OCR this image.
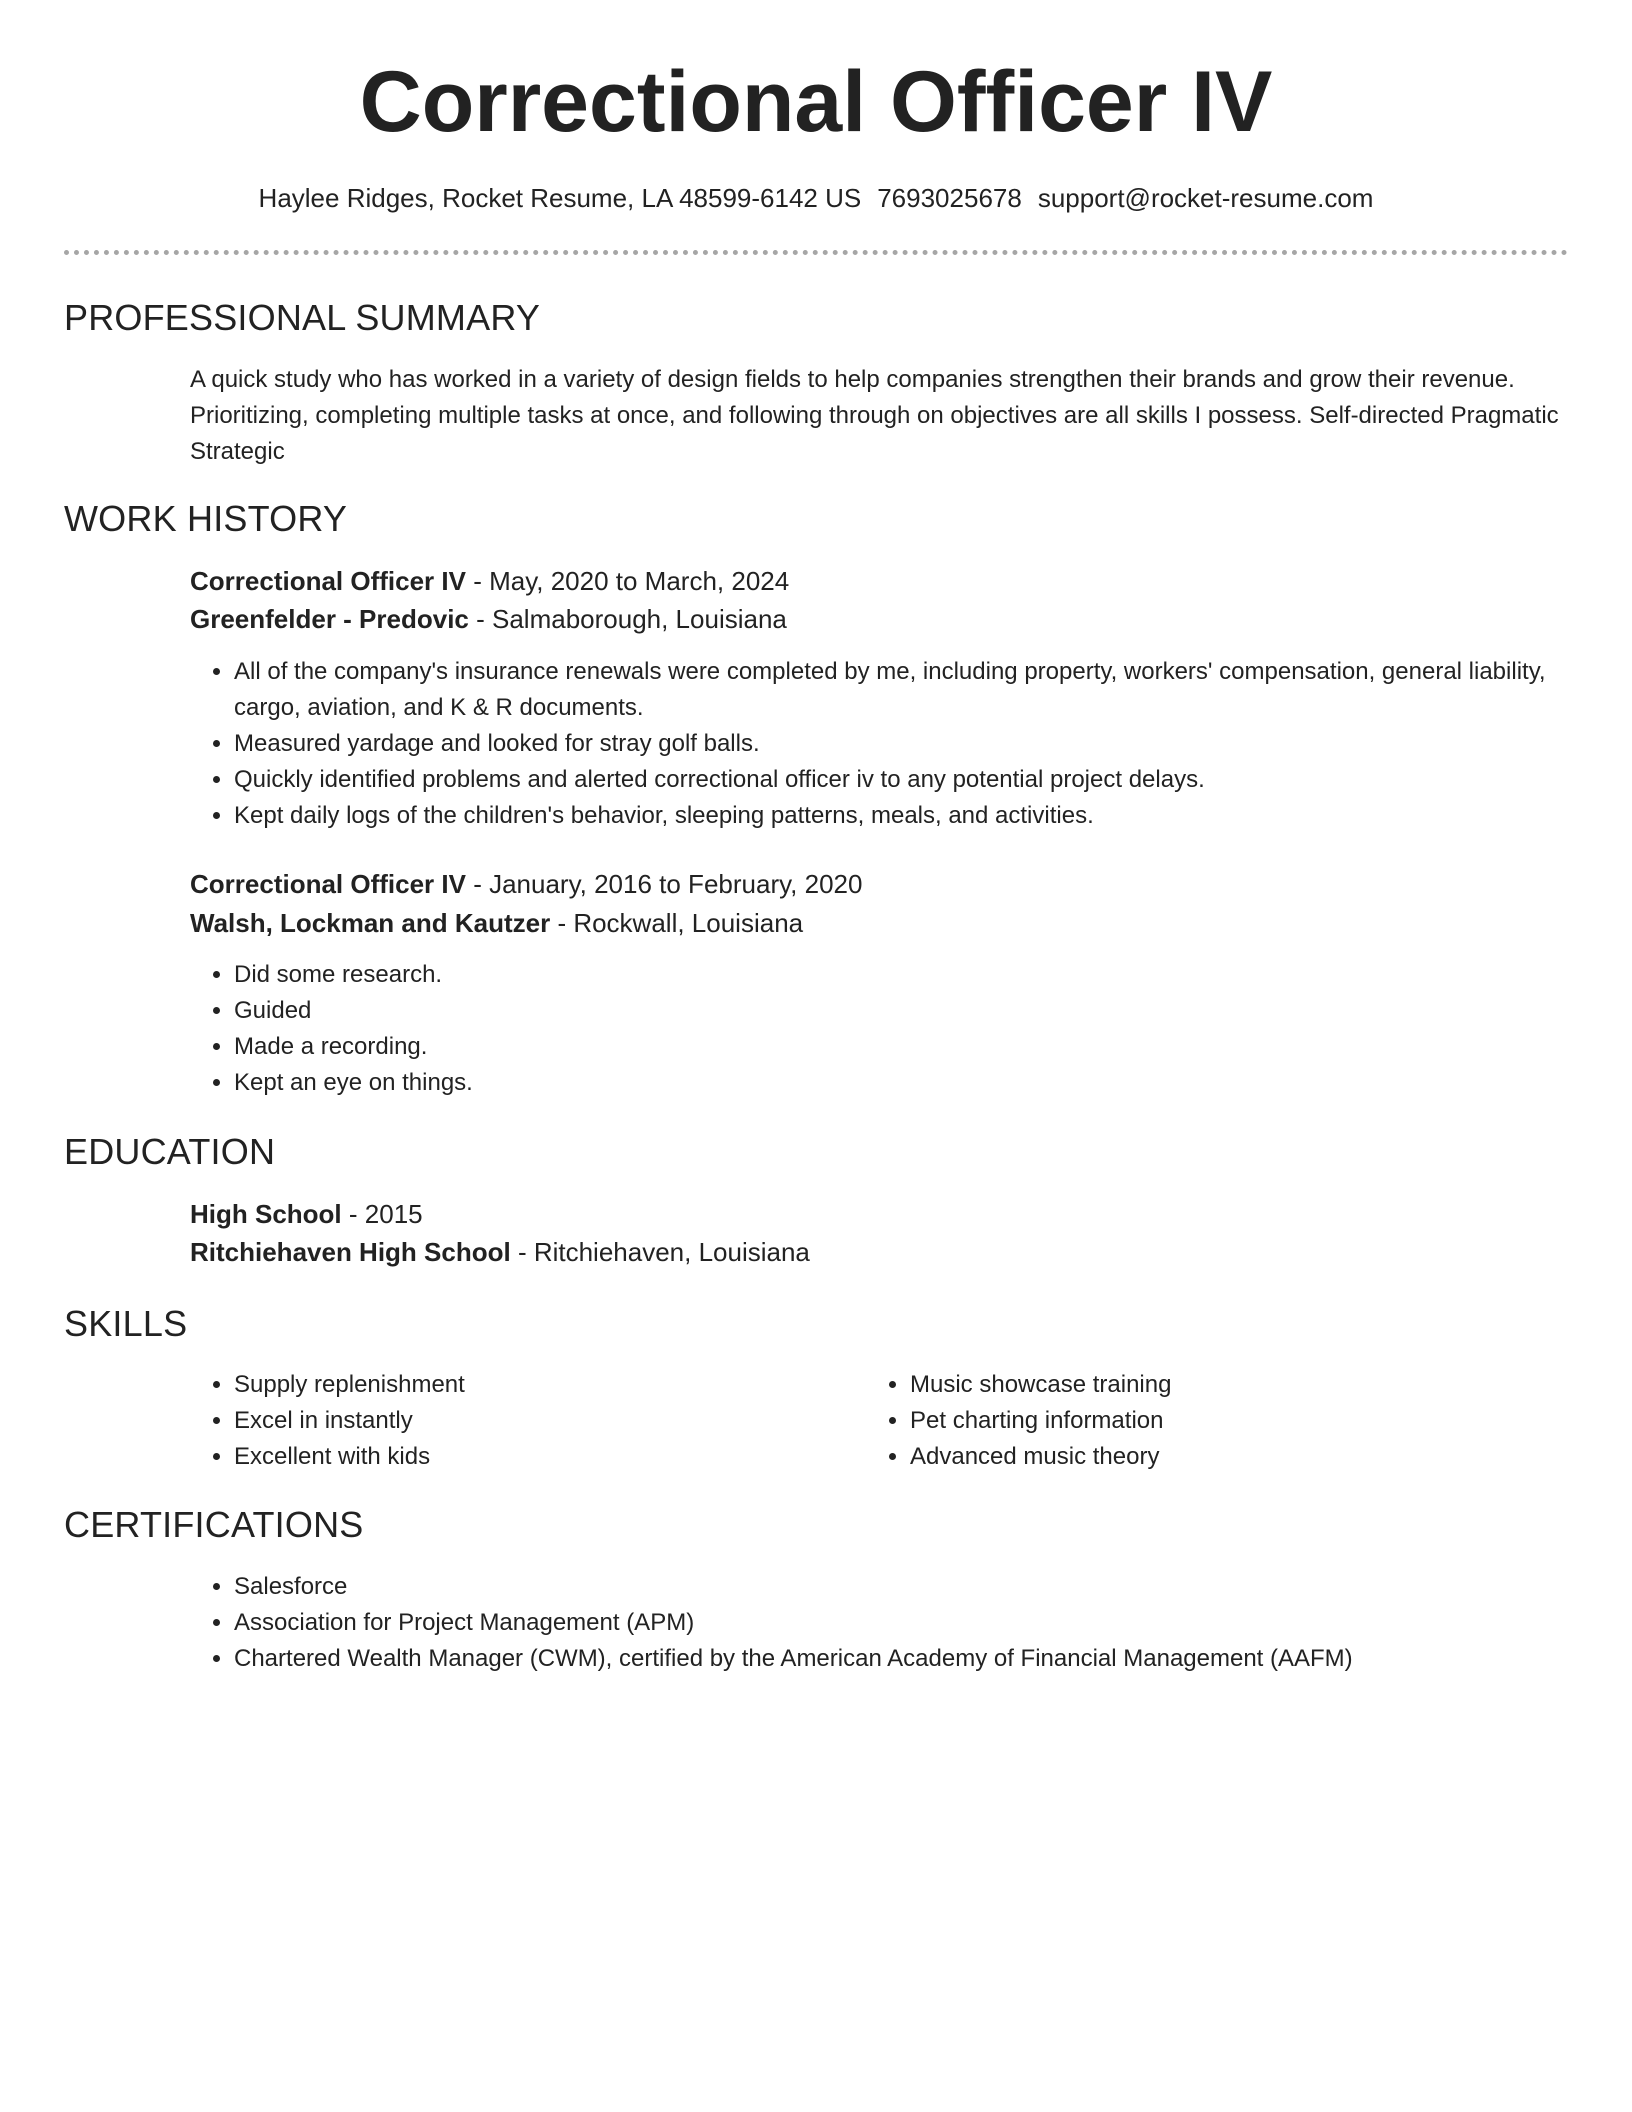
Correctional Officer IV
Haylee Ridges, Rocket Resume, LA 48599-6142 US 7693025678 support@rocket-resume.com
PROFESSIONAL SUMMARY

A quick study who has worked in a variety of design fields to help companies strengthen their brands and grow their revenue. Prioritizing, completing multiple tasks at once, and following through on objectives are all skills I possess. Self-directed Pragmatic Strategic

WORK HISTORY
Correctional Officer IV - May, 2020 to March, 2024
Greenfelder - Predovic - Salmaborough, Louisiana
• All of the company's insurance renewals were completed by me, including property, workers' compensation, general liability, cargo, aviation, and K & R documents.
• Measured yardage and looked for stray golf balls.
• Quickly identified problems and alerted correctional officer iv to any potential project delays.
• Kept daily logs of the children's behavior, sleeping patterns, meals, and activities.
Correctional Officer IV - January, 2016 to February, 2020
Walsh, Lockman and Kautzer - Rockwall, Louisiana
• Did some research.
• Guided
• Made a recording.
• Kept an eye on things.
EDUCATION
High School - 2015
Ritchiehaven High School - Ritchiehaven, Louisiana
SKILLS
• Supply replenishment
• Excel in instantly
• Excellent with kids
• Music showcase training
• Pet charting information
• Advanced music theory
CERTIFICATIONS
• Salesforce
• Association for Project Management (APM)
• Chartered Wealth Manager (CWM), certified by the American Academy of Financial Management (AAFM)
